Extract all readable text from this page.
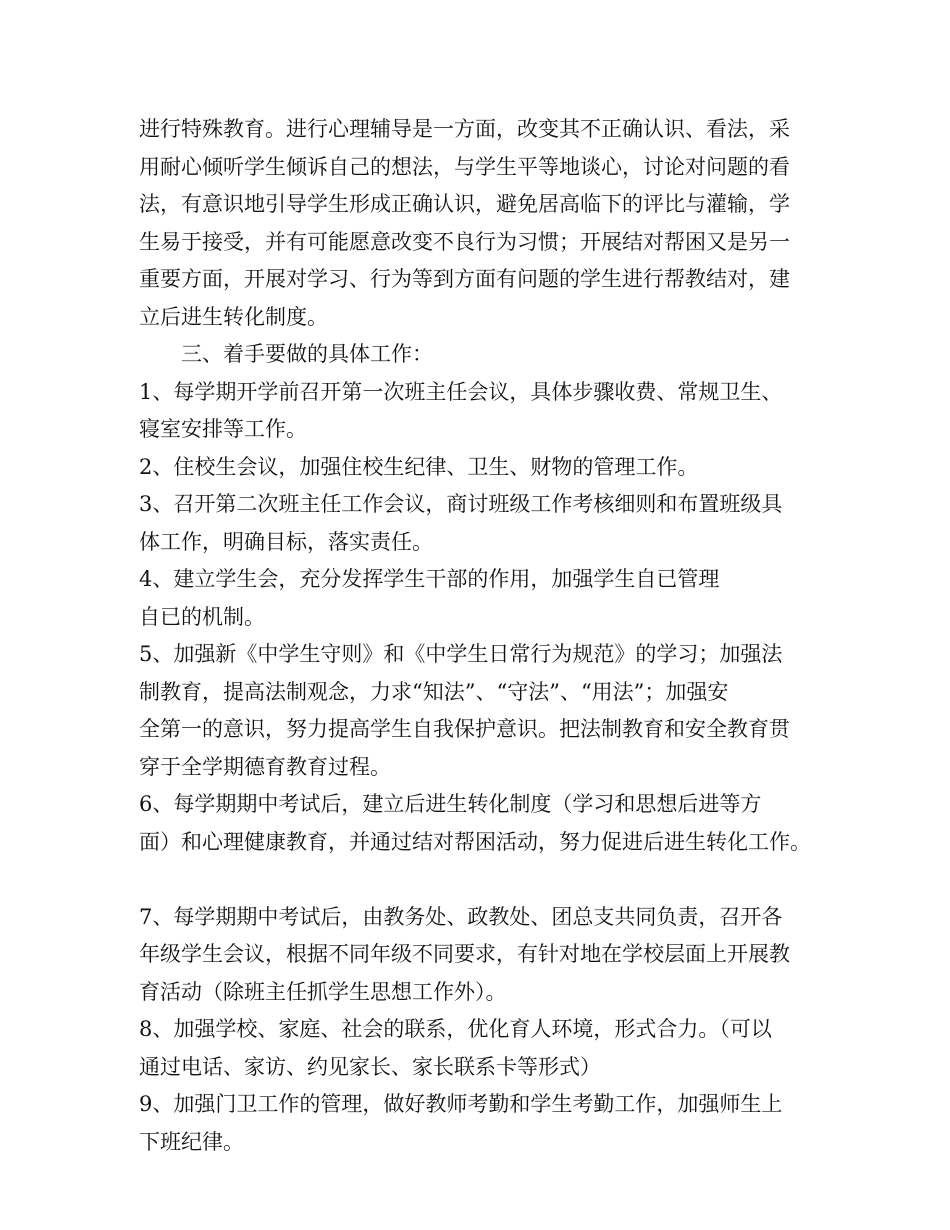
进行特殊教育。进行心理辅导是一方面，改变其不正确认识、看法，采
用耐心倾听学生倾诉自己的想法，与学生平等地谈心，讨论对问题的看
法，有意识地引导学生形成正确认识，避免居高临下的评比与灌输，学
生易于接受，并有可能愿意改变不良行为习惯；开展结对帮困又是另一
重要方面，开展对学习、行为等到方面有问题的学生进行帮教结对，建
立后进生转化制度。
三、着手要做的具体工作：
1、每学期开学前召开第一次班主任会议，具体步骤收费、常规卫生、
寝室安排等工作。
2、住校生会议，加强住校生纪律、卫生、财物的管理工作。
3、召开第二次班主任工作会议，商讨班级工作考核细则和布置班级具
体工作，明确目标，落实责任。
4、建立学生会，充分发挥学生干部的作用，加强学生自已管理
自已的机制。
5、加强新《中学生守则》和《中学生日常行为规范》的学习；加强法
制教育，提高法制观念，力求“知法”、“守法”、“用法”；加强安
全第一的意识，努力提高学生自我保护意识。把法制教育和安全教育贯
穿于全学期德育教育过程。
6、每学期期中考试后，建立后进生转化制度（学习和思想后进等方
面）和心理健康教育，并通过结对帮困活动，努力促进后进生转化工作。
7、每学期期中考试后，由教务处、政教处、团总支共同负责，召开各
年级学生会议，根据不同年级不同要求，有针对地在学校层面上开展教
育活动（除班主任抓学生思想工作外）。
8、加强学校、家庭、社会的联系，优化育人环境，形式合力。（可以
通过电话、家访、约见家长、家长联系卡等形式）
9、加强门卫工作的管理，做好教师考勤和学生考勤工作，加强师生上
下班纪律。
